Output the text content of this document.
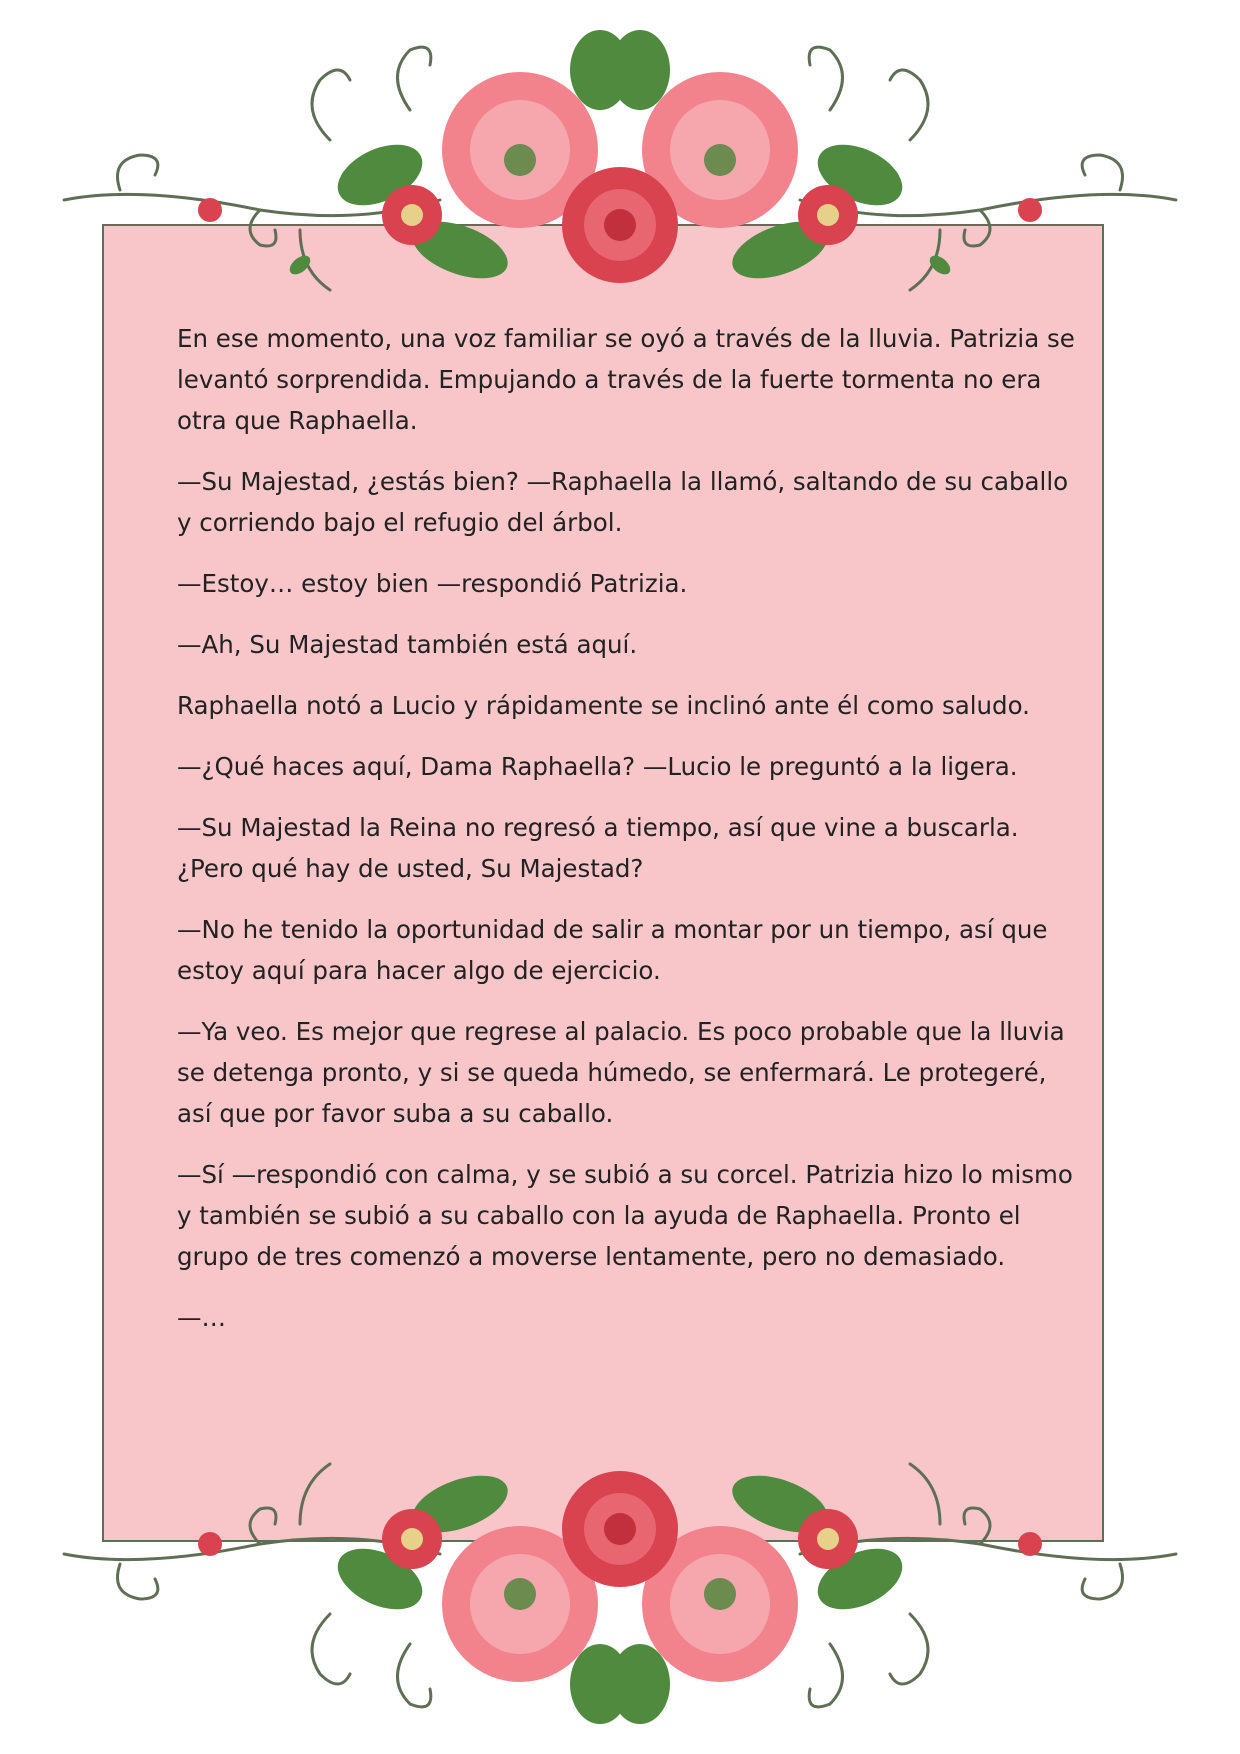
En ese momento, una voz familiar se oyó a través de la lluvia. Patrizia se levantó sorprendida. Empujando a través de la fuerte tormenta no era otra que Raphaella.

—Su Majestad, ¿estás bien? —Raphaella la llamó, saltando de su caballo y corriendo bajo el refugio del árbol.

—Estoy… estoy bien —respondió Patrizia.

—Ah, Su Majestad también está aquí.

Raphaella notó a Lucio y rápidamente se inclinó ante él como saludo.

—¿Qué haces aquí, Dama Raphaella? —Lucio le preguntó a la ligera.

—Su Majestad la Reina no regresó a tiempo, así que vine a buscarla. ¿Pero qué hay de usted, Su Majestad?

—No he tenido la oportunidad de salir a montar por un tiempo, así que estoy aquí para hacer algo de ejercicio.

—Ya veo. Es mejor que regrese al palacio. Es poco probable que la lluvia se detenga pronto, y si se queda húmedo, se enfermará. Le protegeré, así que por favor suba a su caballo.

—Sí —respondió con calma, y se subió a su corcel. Patrizia hizo lo mismo y también se subió a su caballo con la ayuda de Raphaella. Pronto el grupo de tres comenzó a moverse lentamente, pero no demasiado.

—…
